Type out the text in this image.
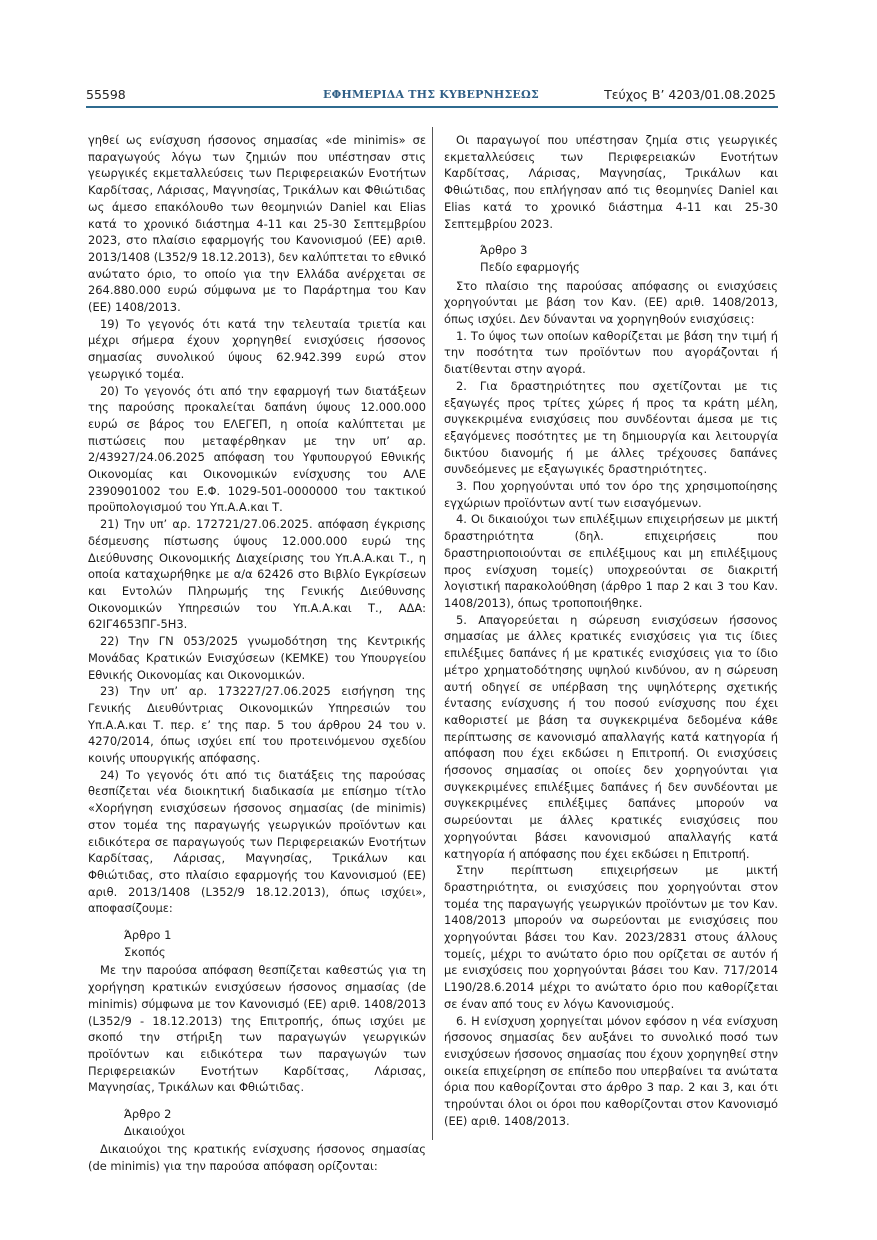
55598	ΕΦΗΜΕΡΙΔΑ ΤΗΣ ΚΥΒΕΡΝΗΣΕΩΣ	Τεύχος Β’ 4203/01.08.2025

γηθεί ως ενίσχυση ήσσονος σημασίας «de minimis» σε παραγωγούς λόγω των ζημιών που υπέστησαν στις γεωργικές εκμεταλλεύσεις των Περιφερειακών Ενοτήτων Καρδίτσας, Λάρισας, Μαγνησίας, Τρικάλων και Φθιώτιδας ως άμεσο επακόλουθο των θεομηνιών Daniel και Elias κατά το χρονικό διάστημα 4-11 και 25-30 Σεπτεμβρίου 2023, στο πλαίσιο εφαρμογής του Κανονισμού (ΕΕ) αριθ. 2013/1408 (L352/9 18.12.2013), δεν καλύπτεται το εθνικό ανώτατο όριο, το οποίο για την Ελλάδα ανέρχεται σε 264.880.000 ευρώ σύμφωνα με το Παράρτημα του Καν (ΕΕ) 1408/2013.

19) Το γεγονός ότι κατά την τελευταία τριετία και μέχρι σήμερα έχουν χορηγηθεί ενισχύσεις ήσσονος σημασίας συνολικού ύψους 62.942.399 ευρώ στον γεωργικό τομέα.

20) Το γεγονός ότι από την εφαρμογή των διατάξεων της παρούσης προκαλείται δαπάνη ύψους 12.000.000 ευρώ σε βάρος του ΕΛΕΓΕΠ, η οποία καλύπτεται με πιστώσεις που μεταφέρθηκαν με την υπ’ αρ. 2/43927/24.06.2025 απόφαση του Υφυπουργού Εθνικής Οικονομίας και Οικονομικών ενίσχυσης του ΑΛΕ 2390901002 του Ε.Φ. 1029-501-0000000 του τακτικού προϋπολογισμού του Υπ.Α.Α.και Τ.

21) Την υπ’ αρ. 172721/27.06.2025. απόφαση έγκρισης δέσμευσης πίστωσης ύψους 12.000.000 ευρώ της Διεύθυνσης Οικονομικής Διαχείρισης του Υπ.Α.Α.και Τ., η οποία καταχωρήθηκε με α/α 62426 στο Βιβλίο Εγκρίσεων και Εντολών Πληρωμής της Γενικής Διεύθυνσης Οικονομικών Υπηρεσιών του Υπ.Α.Α.και Τ., ΑΔΑ: 62ΙΓ4653ΠΓ-5Η3.

22) Την ΓΝ 053/2025 γνωμοδότηση της Κεντρικής Μονάδας Κρατικών Ενισχύσεων (ΚΕΜΚΕ) του Υπουργείου Εθνικής Οικονομίας και Οικονομικών.

23) Την υπ’ αρ. 173227/27.06.2025 εισήγηση της Γενικής Διευθύντριας Οικονομικών Υπηρεσιών του Υπ.Α.Α.και Τ. περ. ε’ της παρ. 5 του άρθρου 24 του ν. 4270/2014, όπως ισχύει επί του προτεινόμενου σχεδίου κοινής υπουργικής απόφασης.

24) Το γεγονός ότι από τις διατάξεις της παρούσας θεσπίζεται νέα διοικητική διαδικασία με επίσημο τίτλο «Χορήγηση ενισχύσεων ήσσονος σημασίας (de minimis) στον τομέα της παραγωγής γεωργικών προϊόντων και ειδικότερα σε παραγωγούς των Περιφερειακών Ενοτήτων Καρδίτσας, Λάρισας, Μαγνησίας, Τρικάλων και Φθιώτιδας, στο πλαίσιο εφαρμογής του Κανονισμού (ΕΕ) αριθ. 2013/1408 (L352/9 18.12.2013), όπως ισχύει», αποφασίζουμε:

Άρθρο 1
Σκοπός

Με την παρούσα απόφαση θεσπίζεται καθεστώς για τη χορήγηση κρατικών ενισχύσεων ήσσονος σημασίας (de minimis) σύμφωνα με τον Κανονισμό (ΕΕ) αριθ. 1408/2013 (L352/9 - 18.12.2013) της Επιτροπής, όπως ισχύει με σκοπό την στήριξη των παραγωγών γεωργικών προϊόντων και ειδικότερα των παραγωγών των Περιφερειακών Ενοτήτων Καρδίτσας, Λάρισας, Μαγνησίας, Τρικάλων και Φθιώτιδας.

Άρθρο 2
Δικαιούχοι

Δικαιούχοι της κρατικής ενίσχυσης ήσσονος σημασίας (de minimis) για την παρούσα απόφαση ορίζονται:

Οι παραγωγοί που υπέστησαν ζημία στις γεωργικές εκμεταλλεύσεις των Περιφερειακών Ενοτήτων Καρδίτσας, Λάρισας, Μαγνησίας, Τρικάλων και Φθιώτιδας, που επλήγησαν από τις θεομηνίες Daniel και Elias κατά το χρονικό διάστημα 4-11 και 25-30 Σεπτεμβρίου 2023.

Άρθρο 3
Πεδίο εφαρμογής

Στο πλαίσιο της παρούσας απόφασης οι ενισχύσεις χορηγούνται με βάση τον Καν. (ΕΕ) αριθ. 1408/2013, όπως ισχύει. Δεν δύνανται να χορηγηθούν ενισχύσεις:

1. Το ύψος των οποίων καθορίζεται με βάση την τιμή ή την ποσότητα των προϊόντων που αγοράζονται ή διατίθενται στην αγορά.

2. Για δραστηριότητες που σχετίζονται με τις εξαγωγές προς τρίτες χώρες ή προς τα κράτη μέλη, συγκεκριμένα ενισχύσεις που συνδέονται άμεσα με τις εξαγόμενες ποσότητες με τη δημιουργία και λειτουργία δικτύου διανομής ή με άλλες τρέχουσες δαπάνες συνδεόμενες με εξαγωγικές δραστηριότητες.

3. Που χορηγούνται υπό τον όρο της χρησιμοποίησης εγχώριων προϊόντων αντί των εισαγόμενων.

4. Οι δικαιούχοι των επιλέξιμων επιχειρήσεων με μικτή δραστηριότητα (δηλ. επιχειρήσεις που δραστηριοποιούνται σε επιλέξιμους και μη επιλέξιμους προς ενίσχυση τομείς) υποχρεούνται σε διακριτή λογιστική παρακολούθηση (άρθρο 1 παρ 2 και 3 του Καν. 1408/2013), όπως τροποποιήθηκε.

5. Απαγορεύεται η σώρευση ενισχύσεων ήσσονος σημασίας με άλλες κρατικές ενισχύσεις για τις ίδιες επιλέξιμες δαπάνες ή με κρατικές ενισχύσεις για το ίδιο μέτρο χρηματοδότησης υψηλού κινδύνου, αν η σώρευση αυτή οδηγεί σε υπέρβαση της υψηλότερης σχετικής έντασης ενίσχυσης ή του ποσού ενίσχυσης που έχει καθοριστεί με βάση τα συγκεκριμένα δεδομένα κάθε περίπτωσης σε κανονισμό απαλλαγής κατά κατηγορία ή απόφαση που έχει εκδώσει η Επιτροπή. Οι ενισχύσεις ήσσονος σημασίας οι οποίες δεν χορηγούνται για συγκεκριμένες επιλέξιμες δαπάνες ή δεν συνδέονται με συγκεκριμένες επιλέξιμες δαπάνες μπορούν να σωρεύονται με άλλες κρατικές ενισχύσεις που χορηγούνται βάσει κανονισμού απαλλαγής κατά κατηγορία ή απόφασης που έχει εκδώσει η Επιτροπή.

Στην περίπτωση επιχειρήσεων με μικτή δραστηριότητα, οι ενισχύσεις που χορηγούνται στον τομέα της παραγωγής γεωργικών προϊόντων με τον Καν. 1408/2013 μπορούν να σωρεύονται με ενισχύσεις που χορηγούνται βάσει του Καν. 2023/2831 στους άλλους τομείς, μέχρι το ανώτατο όριο που ορίζεται σε αυτόν ή με ενισχύσεις που χορηγούνται βάσει του Καν. 717/2014 L190/28.6.2014 μέχρι το ανώτατο όριο που καθορίζεται σε έναν από τους εν λόγω Κανονισμούς.

6. Η ενίσχυση χορηγείται μόνον εφόσον η νέα ενίσχυση ήσσονος σημασίας δεν αυξάνει το συνολικό ποσό των ενισχύσεων ήσσονος σημασίας που έχουν χορηγηθεί στην οικεία επιχείρηση σε επίπεδο που υπερβαίνει τα ανώτατα όρια που καθορίζονται στο άρθρο 3 παρ. 2 και 3, και ότι τηρούνται όλοι οι όροι που καθορίζονται στον Κανονισμό (ΕΕ) αριθ. 1408/2013.
